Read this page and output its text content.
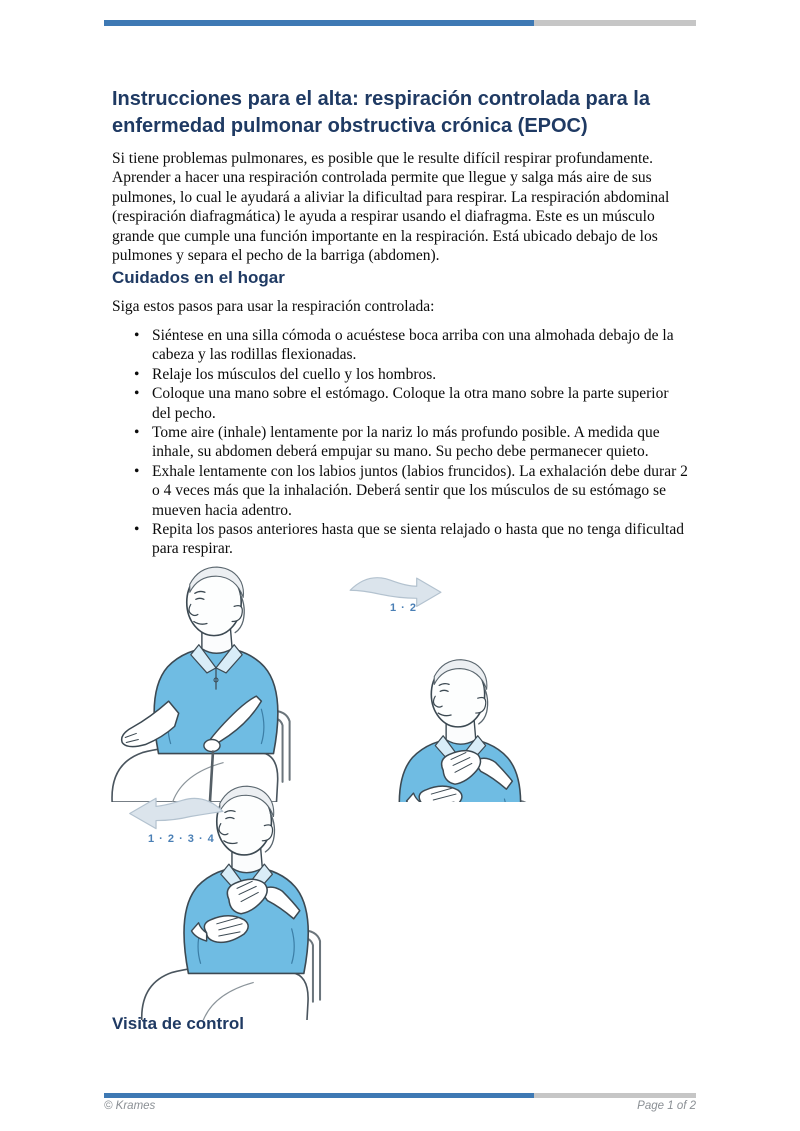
Instrucciones para el alta: respiración controlada para la enfermedad pulmonar obstructiva crónica (EPOC)

Si tiene problemas pulmonares, es posible que le resulte difícil respirar profundamente. Aprender a hacer una respiración controlada permite que llegue y salga más aire de sus pulmones, lo cual le ayudará a aliviar la dificultad para respirar. La respiración abdominal (respiración diafragmática) le ayuda a respirar usando el diafragma. Este es un músculo grande que cumple una función importante en la respiración. Está ubicado debajo de los pulmones y separa el pecho de la barriga (abdomen).

Cuidados en el hogar

Siga estos pasos para usar la respiración controlada:

• Siéntese en una silla cómoda o acuéstese boca arriba con una almohada debajo de la cabeza y las rodillas flexionadas.
• Relaje los músculos del cuello y los hombros.
• Coloque una mano sobre el estómago. Coloque la otra mano sobre la parte superior del pecho.
• Tome aire (inhale) lentamente por la nariz lo más profundo posible. A medida que inhale, su abdomen deberá empujar su mano. Su pecho debe permanecer quieto.
• Exhale lentamente con los labios juntos (labios fruncidos). La exhalación debe durar 2 o 4 veces más que la inhalación. Deberá sentir que los músculos de su estómago se mueven hacia adentro.
• Repita los pasos anteriores hasta que se sienta relajado o hasta que no tenga dificultad para respirar.
1 · 2
1 · 2 · 3 · 4
Visita de control
© Krames	Page 1 of 2
